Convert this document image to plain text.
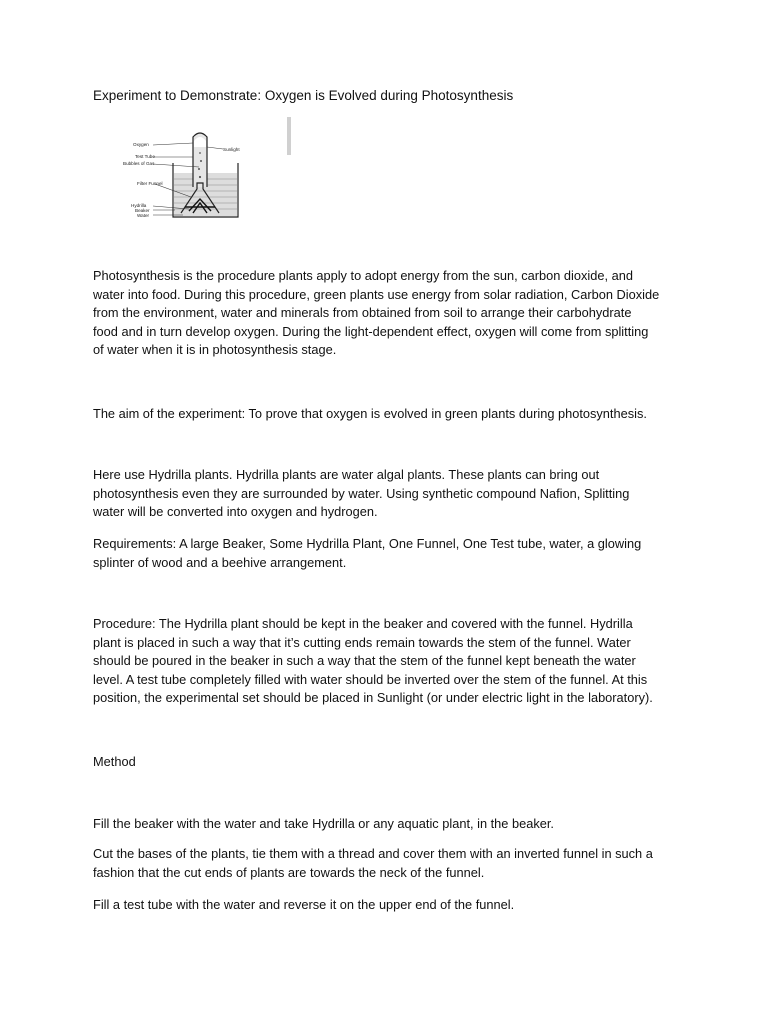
Experiment to Demonstrate: Oxygen is Evolved during Photosynthesis
Oxygen
Sunlight
Test Tube
Bubbles of Gas
Filter Funnel
Hydrilla
Beaker
Water
Photosynthesis is the procedure plants apply to adopt energy from the sun, carbon dioxide, and
water into food. During this procedure, green plants use energy from solar radiation, Carbon Dioxide
from the environment, water and minerals from obtained from soil to arrange their carbohydrate
food and in turn develop oxygen. During the light-dependent effect, oxygen will come from splitting
of water when it is in photosynthesis stage.
The aim of the experiment: To prove that oxygen is evolved in green plants during photosynthesis.
Here use Hydrilla plants. Hydrilla plants are water algal plants. These plants can bring out
photosynthesis even they are surrounded by water. Using synthetic compound Nafion, Splitting
water will be converted into oxygen and hydrogen.
Requirements: A large Beaker, Some Hydrilla Plant, One Funnel, One Test tube, water, a glowing
splinter of wood and a beehive arrangement.
Procedure: The Hydrilla plant should be kept in the beaker and covered with the funnel. Hydrilla
plant is placed in such a way that it’s cutting ends remain towards the stem of the funnel. Water
should be poured in the beaker in such a way that the stem of the funnel kept beneath the water
level. A test tube completely filled with water should be inverted over the stem of the funnel. At this
position, the experimental set should be placed in Sunlight (or under electric light in the laboratory).
Method
Fill the beaker with the water and take Hydrilla or any aquatic plant, in the beaker.
Cut the bases of the plants, tie them with a thread and cover them with an inverted funnel in such a
fashion that the cut ends of plants are towards the neck of the funnel.
Fill a test tube with the water and reverse it on the upper end of the funnel.
